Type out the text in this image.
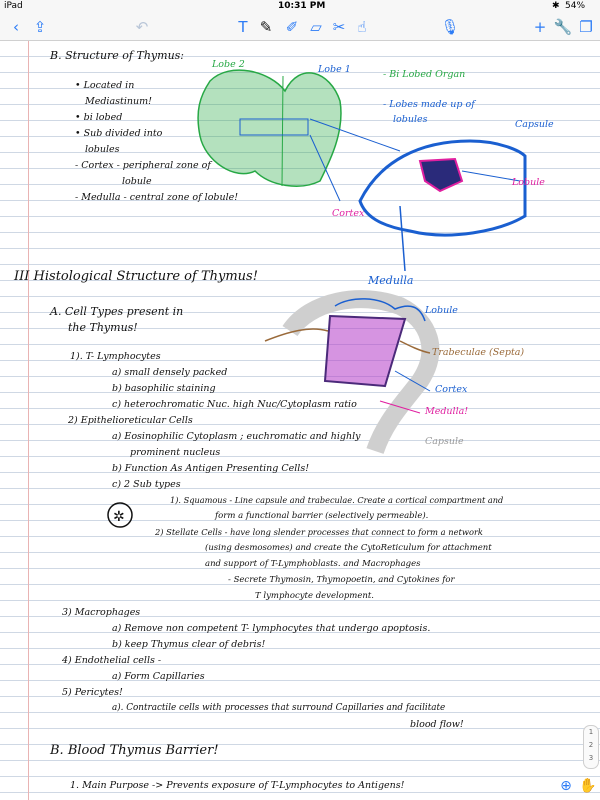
iPad	10:31 PM	✱ 54%
‹ ⇪	↶	T ✎ ✐ ▱ ✂ ☝	🎙	+ 🔧 ❐
✲
B. Structure of Thymus:
• Located in
Mediastinum!
• bi lobed
• Sub divided into
lobules
- Cortex - peripheral zone of
lobule
- Medulla - central zone of lobule!
Lobe 2	Lobe 1	- Bi Lobed Organ
- Lobes made up of
lobules	Capsule
Lobule
Cortex
Medulla
III Histological Structure of Thymus!
A. Cell Types present in
the Thymus!
1). T- Lymphocytes
a) small densely packed
b) basophilic staining
c) heterochromatic Nuc. high Nuc/Cytoplasm ratio
2) Epithelioreticular Cells
a) Eosinophilic Cytoplasm ; euchromatic and highly
prominent nucleus
b) Function As Antigen Presenting Cells!
c) 2 Sub types
1). Squamous - Line capsule and trabeculae. Create a cortical compartment and
form a functional barrier (selectively permeable).
2) Stellate Cells - have long slender processes that connect to form a network
(using desmosomes) and create the CytoReticulum for attachment
and support of T-Lymphoblasts. and Macrophages
- Secrete Thymosin, Thymopoetin, and Cytokines for
T lymphocyte development.
Lobule
Trabeculae (Septa)
Cortex
Medulla!
Capsule
3) Macrophages
a) Remove non competent T- lymphocytes that undergo apoptosis.
b) keep Thymus clear of debris!
4) Endothelial cells -
a) Form Capillaries
5) Pericytes!
a). Contractile cells with processes that surround Capillaries and facilitate
blood flow!
B. Blood Thymus Barrier!
1. Main Purpose -> Prevents exposure of T-Lymphocytes to Antigens!
1
2
3
⊕ ✋
